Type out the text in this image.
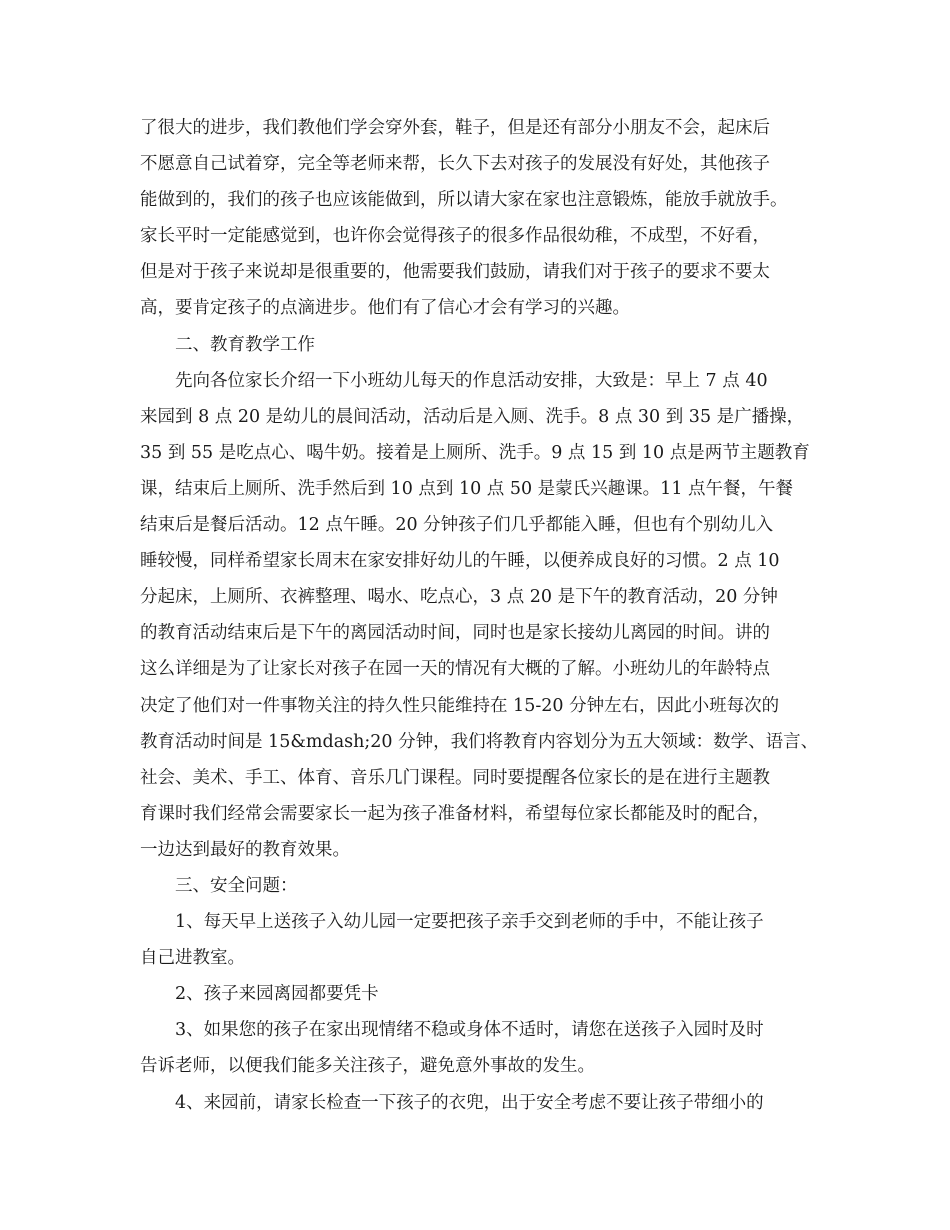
了很大的进步，我们教他们学会穿外套，鞋子，但是还有部分小朋友不会，起床后
不愿意自己试着穿，完全等老师来帮，长久下去对孩子的发展没有好处，其他孩子
能做到的，我们的孩子也应该能做到，所以请大家在家也注意锻炼，能放手就放手。
家长平时一定能感觉到，也许你会觉得孩子的很多作品很幼稚，不成型，不好看，
但是对于孩子来说却是很重要的，他需要我们鼓励，请我们对于孩子的要求不要太
高，要肯定孩子的点滴进步。他们有了信心才会有学习的兴趣。
二、教育教学工作
先向各位家长介绍一下小班幼儿每天的作息活动安排，大致是：早上 7 点 40
来园到 8 点 20 是幼儿的晨间活动，活动后是入厕、洗手。8 点 30 到 35 是广播操，
35 到 55 是吃点心、喝牛奶。接着是上厕所、洗手。9 点 15 到 10 点是两节主题教育
课，结束后上厕所、洗手然后到 10 点到 10 点 50 是蒙氏兴趣课。11 点午餐，午餐
结束后是餐后活动。12 点午睡。20 分钟孩子们几乎都能入睡，但也有个别幼儿入
睡较慢，同样希望家长周末在家安排好幼儿的午睡，以便养成良好的习惯。2 点 10
分起床，上厕所、衣裤整理、喝水、吃点心，3 点 20 是下午的教育活动，20 分钟
的教育活动结束后是下午的离园活动时间，同时也是家长接幼儿离园的时间。讲的
这么详细是为了让家长对孩子在园一天的情况有大概的了解。小班幼儿的年龄特点
决定了他们对一件事物关注的持久性只能维持在 15-20 分钟左右，因此小班每次的
教育活动时间是 15&mdash;20 分钟，我们将教育内容划分为五大领域：数学、语言、
社会、美术、手工、体育、音乐几门课程。同时要提醒各位家长的是在进行主题教
育课时我们经常会需要家长一起为孩子准备材料，希望每位家长都能及时的配合，
一边达到最好的教育效果。
三、安全问题：
1、每天早上送孩子入幼儿园一定要把孩子亲手交到老师的手中，不能让孩子
自己进教室。
2、孩子来园离园都要凭卡
3、如果您的孩子在家出现情绪不稳或身体不适时，请您在送孩子入园时及时
告诉老师，以便我们能多关注孩子，避免意外事故的发生。
4、来园前，请家长检查一下孩子的衣兜，出于安全考虑不要让孩子带细小的
